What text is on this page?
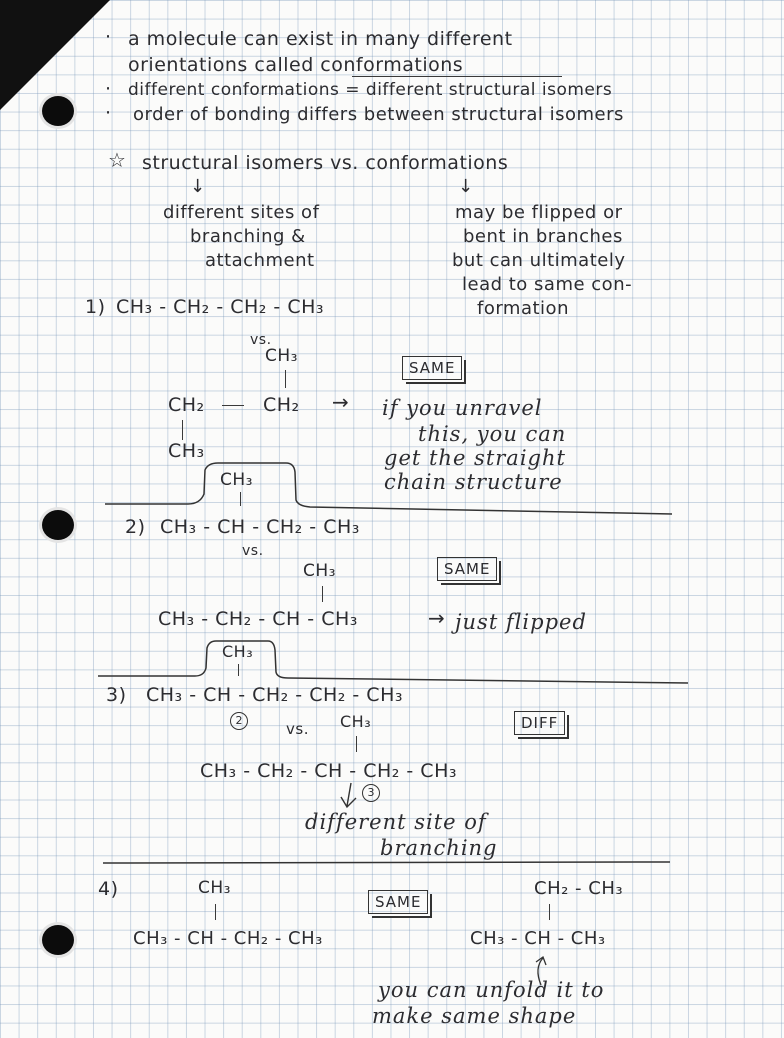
· a molecule can exist in many different
orientations called conformations
· different conformations = different structural isomers
· order of bonding differs between structural isomers
☆ structural isomers vs. conformations
↓	↓
different sites of
branching &
attachment
may be flipped or
bent in branches
but can ultimately
lead to same con-
formation
1) CH₃ - CH₂ - CH₂ - CH₃
vs.
CH₃
SAME
CH₂	CH₂ →
CH₃
if you unravel
this, you can
get the straight
chain structure
CH₃
2) CH₃ - CH - CH₂ - CH₃
vs.
CH₃	SAME
CH₃ - CH₂ - CH - CH₃	→ just flipped
CH₃
3) CH₃ - CH - CH₂ - CH₂ - CH₃
2	vs. CH₃	DIFF
CH₃ - CH₂ - CH - CH₂ - CH₃
3
different site of
branching
4)	CH₃
SAME
CH₃ - CH - CH₂ - CH₃
CH₂ - CH₃
CH₃ - CH - CH₃
you can unfold it to
make same shape
